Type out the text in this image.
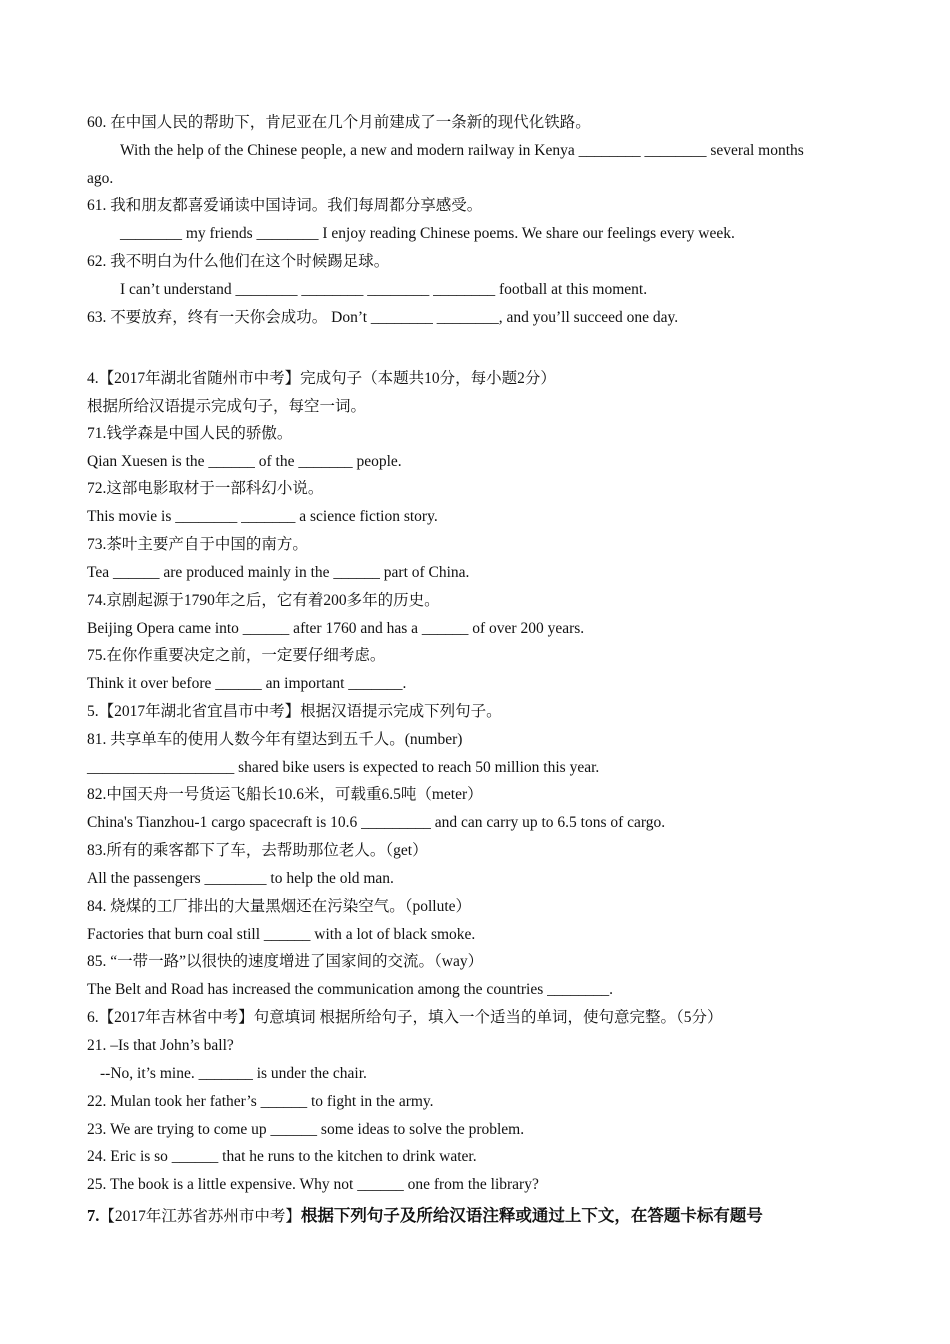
60. 在中国人民的帮助下，肯尼亚在几个月前建成了一条新的现代化铁路。
With the help of the Chinese people, a new and modern railway in Kenya ________ ________ several months
ago.
61. 我和朋友都喜爱诵读中国诗词。我们每周都分享感受。
________ my friends ________ I enjoy reading Chinese poems. We share our feelings every week.
62. 我不明白为什么他们在这个时候踢足球。
I can’t understand ________ ________ ________ ________ football at this moment.
63. 不要放弃，终有一天你会成功。 Don’t ________ ________, and you’ll succeed one day.
4.【2017年湖北省随州市中考】完成句子（本题共10分，每小题2分）
根据所给汉语提示完成句子，每空一词。
71.钱学森是中国人民的骄傲。
Qian Xuesen is the ______ of the _______ people.
72.这部电影取材于一部科幻小说。
This movie is ________ _______ a science fiction story.
73.茶叶主要产自于中国的南方。
Tea ______ are produced mainly in the ______ part of China.
74.京剧起源于1790年之后，它有着200多年的历史。
Beijing Opera came into ______ after 1760 and has a ______ of over 200 years.
75.在你作重要决定之前，一定要仔细考虑。
Think it over before ______ an important _______.
5.【2017年湖北省宜昌市中考】根据汉语提示完成下列句子。
81. 共享单车的使用人数今年有望达到五千人。(number)
___________________ shared bike users is expected to reach 50 million this year.
82.中国天舟一号货运飞船长10.6米，可载重6.5吨（meter）
China's Tianzhou-1 cargo spacecraft is 10.6 _________ and can carry up to 6.5 tons of cargo.
83.所有的乘客都下了车，去帮助那位老人。（get）
All the passengers ________ to help the old man.
84. 烧煤的工厂排出的大量黑烟还在污染空气。（pollute）
Factories that burn coal still ______ with a lot of black smoke.
85. “一带一路”以很快的速度增进了国家间的交流。（way）
The Belt and Road has increased the communication among the countries ________.
6.【2017年吉林省中考】句意填词 根据所给句子，填入一个适当的单词，使句意完整。（5分）
21. –Is that John’s ball?
--No, it’s mine. _______ is under the chair.
22. Mulan took her father’s ______ to fight in the army.
23. We are trying to come up ______ some ideas to solve the problem.
24. Eric is so ______ that he runs to the kitchen to drink water.
25. The book is a little expensive. Why not ______ one from the library?
7.【2017年江苏省苏州市中考】根据下列句子及所给汉语注释或通过上下文，在答题卡标有题号
